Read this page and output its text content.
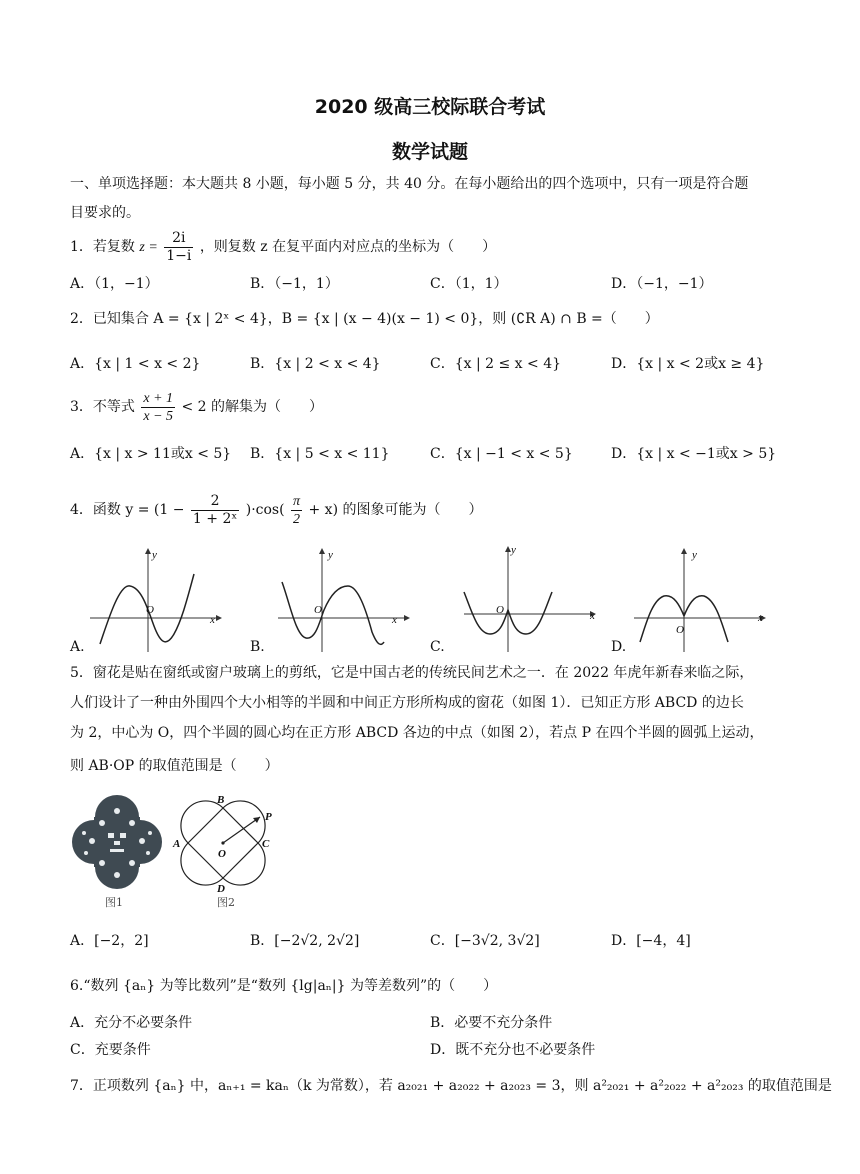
2020 级高三校际联合考试
数学试题
一、单项选择题：本大题共 8 小题，每小题 5 分，共 40 分。在每小题给出的四个选项中，只有一项是符合题
目要求的。
1．若复数 $z = \frac{2i}{1-i}$ ，则复数 z 在复平面内对应点的坐标为（　　）
A．（1，−1）	B．（−1，1）	C．（1，1）	D．（−1，−1）
2．已知集合 A = {x | 2ˣ < 4}，B = {x | (x − 4)(x − 1) < 0}，则 (∁R A) ∩ B =（　　）
A．{x | 1 < x < 2}	B．{x | 2 < x < 4}	C．{x | 2 ≤ x < 4}	D．{x | x < 2或x ≥ 4}
3．不等式 $\frac{x + 1}{x - 5} < 2$ 的解集为（　　）
A．{x | x > 11或x < 5} B．{x | 5 < x < 11}	C．{x | −1 < x < 5}	D．{x | x < −1或x > 5}
4．函数 $y = (1 - \frac{2}{\text{1 + 2ˣ}} )\cdot\cos( \frac{\pi}{2} + x)$ 的图象可能为（　　）
O
x
y
A.
O
x
y
B.
O	x
y
C.
O
x
y
D.
5．窗花是贴在窗纸或窗户玻璃上的剪纸，它是中国古老的传统民间艺术之一．在 2022 年虎年新春来临之际，
人们设计了一种由外围四个大小相等的半圆和中间正方形所构成的窗花（如图 1）．已知正方形 ABCD 的边长
为 2，中心为 O，四个半圆的圆心均在正方形 ABCD 各边的中点（如图 2），若点 P 在四个半圆的圆弧上运动，
则 AB·OP 的取值范围是（　　）
图1
B
P
A	C
O
D
图2
A．[−2，2]	B．[−2√2, 2√2]	C．[−3√2, 3√2]	D．[−4，4]
6.“数列 {aₙ} 为等比数列”是“数列 {lg|aₙ|} 为等差数列”的（　　）
A．充分不必要条件	B．必要不充分条件
C．充要条件	D．既不充分也不必要条件
7．正项数列 {aₙ} 中，aₙ₊₁ = kaₙ（k 为常数），若 a₂₀₂₁ + a₂₀₂₂ + a₂₀₂₃ = 3，则 a²₂₀₂₁ + a²₂₀₂₂ + a²₂₀₂₃ 的取值范围是
